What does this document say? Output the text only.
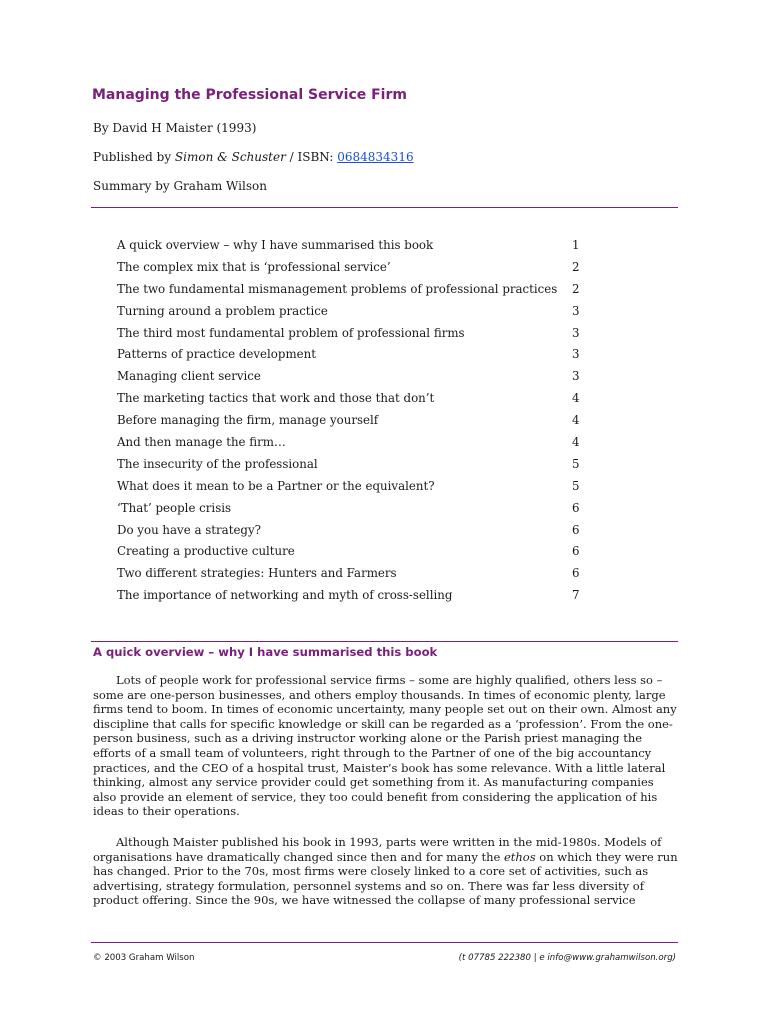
Managing the Professional Service Firm
By David H Maister (1993)
Published by Simon & Schuster / ISBN: 0684834316
Summary by Graham Wilson
A quick overview – why I have summarised this book	1
The complex mix that is ‘professional service’	2
The two fundamental mismanagement problems of professional practices 2
Turning around a problem practice	3
The third most fundamental problem of professional firms	3
Patterns of practice development	3
Managing client service	3
The marketing tactics that work and those that don’t	4
Before managing the firm, manage yourself	4
And then manage the firm…	4
The insecurity of the professional	5
What does it mean to be a Partner or the equivalent?	5
‘That’ people crisis	6
Do you have a strategy?	6
Creating a productive culture	6
Two different strategies: Hunters and Farmers	6
The importance of networking and myth of cross-selling	7
A quick overview – why I have summarised this book

Lots of people work for professional service firms – some are highly qualified, others less so – some are one-person businesses, and others employ thousands. In times of economic plenty, large firms tend to boom. In times of economic uncertainty, many people set out on their own. Almost any discipline that calls for specific knowledge or skill can be regarded as a ‘profession’. From the one-person business, such as a driving instructor working alone or the Parish priest managing the efforts of a small team of volunteers, right through to the Partner of one of the big accountancy practices, and the CEO of a hospital trust, Maister’s book has some relevance. With a little lateral thinking, almost any service provider could get something from it. As manufacturing companies also provide an element of service, they too could benefit from considering the application of his ideas to their operations.

Although Maister published his book in 1993, parts were written in the mid-1980s. Models of organisations have dramatically changed since then and for many the ethos on which they were run has changed. Prior to the 70s, most firms were closely linked to a core set of activities, such as advertising, strategy formulation, personnel systems and so on. There was far less diversity of product offering. Since the 90s, we have witnessed the collapse of many professional service

© 2003 Graham Wilson	(t 07785 222380 | e info@www.grahamwilson.org)
